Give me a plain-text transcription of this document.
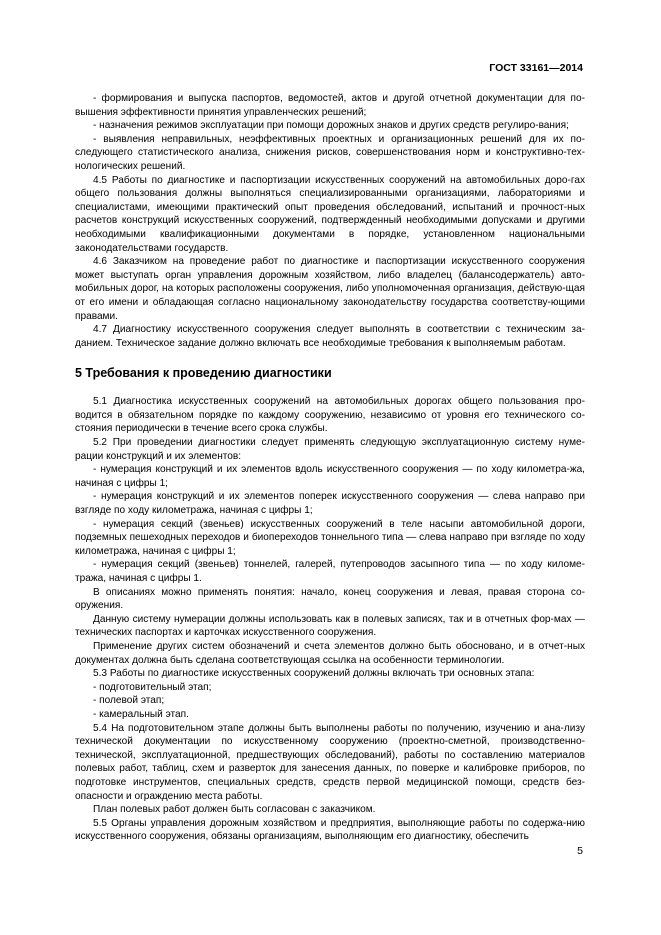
ГОСТ 33161—2014

- формирования и выпуска паспортов, ведомостей, актов и другой отчетной документации для по-вышения эффективности принятия управленческих решений;

- назначения режимов эксплуатации при помощи дорожных знаков и других средств регулиро-вания;

- выявления неправильных, неэффективных проектных и организационных решений для их по-следующего статистического анализа, снижения рисков, совершенствования норм и конструктивно-тех-нологических решений.

4.5 Работы по диагностике и паспортизации искусственных сооружений на автомобильных доро-гах общего пользования должны выполняться специализированными организациями, лабораториями и специалистами, имеющими практический опыт проведения обследований, испытаний и прочност-ных расчетов конструкций искусственных сооружений, подтвержденный необходимыми допусками и другими необходимыми квалификационными документами в порядке, установленном национальными законодательствами государств.

4.6 Заказчиком на проведение работ по диагностике и паспортизации искусственного сооружения может выступать орган управления дорожным хозяйством, либо владелец (балансодержатель) авто-мобильных дорог, на которых расположены сооружения, либо уполномоченная организация, действую-щая от его имени и обладающая согласно национальному законодательству государства соответству-ющими правами.

4.7 Диагностику искусственного сооружения следует выполнять в соответствии с техническим за-данием. Техническое задание должно включать все необходимые требования к выполняемым работам.

5 Требования к проведению диагностики

5.1 Диагностика искусственных сооружений на автомобильных дорогах общего пользования про-водится в обязательном порядке по каждому сооружению, независимо от уровня его технического со-стояния периодически в течение всего срока службы.

5.2 При проведении диагностики следует применять следующую эксплуатационную систему нуме-рации конструкций и их элементов:

- нумерация конструкций и их элементов вдоль искусственного сооружения — по ходу километра-жа, начиная с цифры 1;

- нумерация конструкций и их элементов поперек искусственного сооружения — слева направо при взгляде по ходу километража, начиная с цифры 1;

- нумерация секций (звеньев) искусственных сооружений в теле насыпи автомобильной дороги, подземных пешеходных переходов и биопереходов тоннельного типа — слева направо при взгляде по ходу километража, начиная с цифры 1;

- нумерация секций (звеньев) тоннелей, галерей, путепроводов засыпного типа — по ходу киломе-тража, начиная с цифры 1.

В описаниях можно применять понятия: начало, конец сооружения и левая, правая сторона со-оружения.

Данную систему нумерации должны использовать как в полевых записях, так и в отчетных фор-мах — технических паспортах и карточках искусственного сооружения.

Применение других систем обозначений и счета элементов должно быть обосновано, и в отчет-ных документах должна быть сделана соответствующая ссылка на особенности терминологии.

5.3 Работы по диагностике искусственных сооружений должны включать три основных этапа:

- подготовительный этап;

- полевой этап;

- камеральный этап.

5.4 На подготовительном этапе должны быть выполнены работы по получению, изучению и ана-лизу технической документации по искусственному сооружению (проектно-сметной, производственно-технической, эксплуатационной, предшествующих обследований), работы по составлению материалов полевых работ, таблиц, схем и разверток для занесения данных, по поверке и калибровке приборов, по подготовке инструментов, специальных средств, средств первой медицинской помощи, средств без-опасности и ограждению места работы.

План полевых работ должен быть согласован с заказчиком.

5.5 Органы управления дорожным хозяйством и предприятия, выполняющие работы по содержа-нию искусственного сооружения, обязаны организациям, выполняющим его диагностику, обеспечить

5
